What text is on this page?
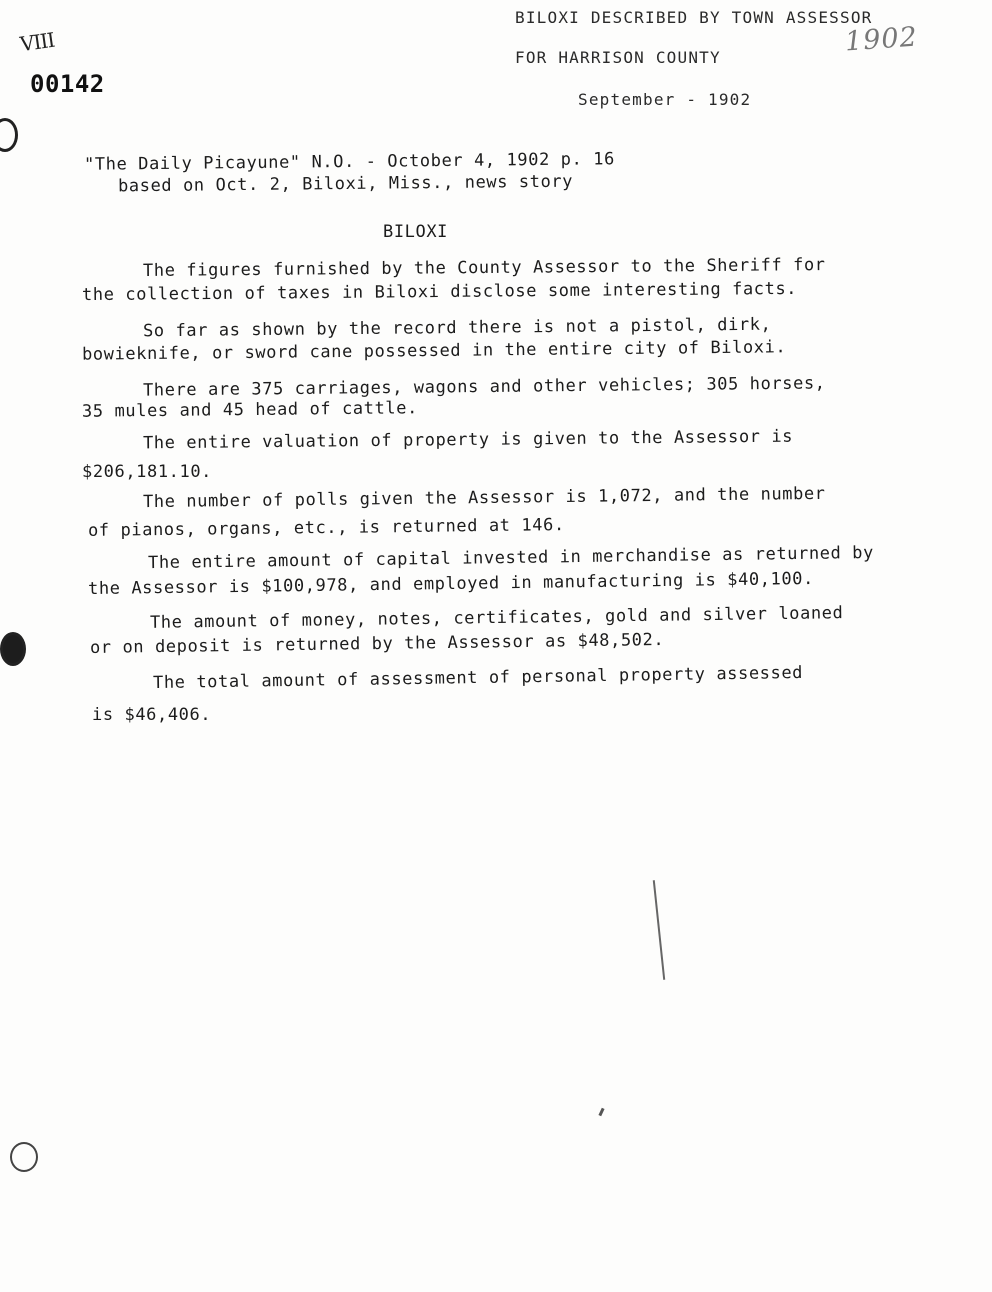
VIII
00142
BILOXI DESCRIBED BY TOWN ASSESSOR
1902
FOR HARRISON COUNTY
September - 1902
"The Daily Picayune" N.O. - October 4, 1902 p. 16
based on Oct. 2, Biloxi, Miss., news story
BILOXI
The figures furnished by the County Assessor to the Sheriff for
the collection of taxes in Biloxi disclose some interesting facts.
So far as shown by the record there is not a pistol, dirk,
bowieknife, or sword cane possessed in the entire city of Biloxi.
There are 375 carriages, wagons and other vehicles; 305 horses,
35 mules and 45 head of cattle.
The entire valuation of property is given to the Assessor is
$206,181.10.
The number of polls given the Assessor is 1,072, and the number
of pianos, organs, etc., is returned at 146.
The entire amount of capital invested in merchandise as returned by
the Assessor is $100,978, and employed in manufacturing is $40,100.
The amount of money, notes, certificates, gold and silver loaned
or on deposit is returned by the Assessor as $48,502.
The total amount of assessment of personal property assessed
is $46,406.
